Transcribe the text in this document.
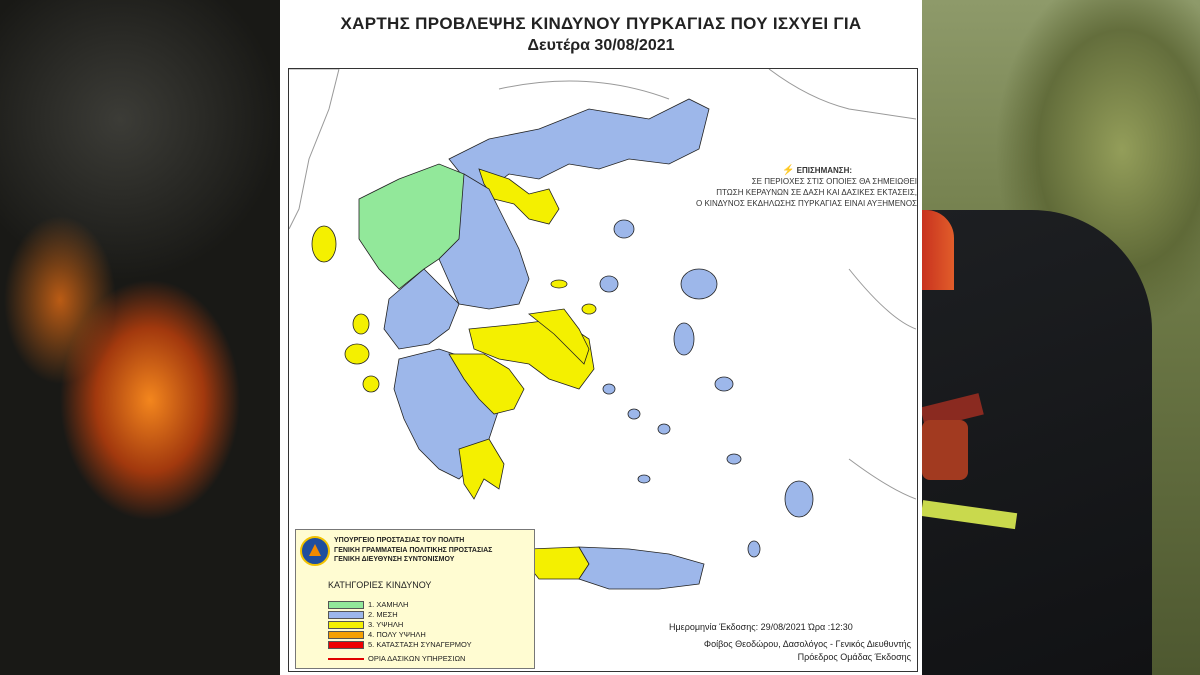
ΧΑΡΤΗΣ ΠΡΟΒΛΕΨΗΣ ΚΙΝΔΥΝΟΥ ΠΥΡΚΑΓΙΑΣ ΠΟΥ ΙΣΧΥΕΙ ΓΙΑ
Δευτέρα 30/08/2021
⚡ ΕΠΙΣΗΜΑΝΣΗ:
ΣΕ ΠΕΡΙΟΧΕΣ ΣΤΙΣ ΟΠΟΙΕΣ ΘΑ ΣΗΜΕΙΩΘΕΙ
ΠΤΩΣΗ ΚΕΡΑΥΝΩΝ ΣΕ ΔΑΣΗ ΚΑΙ ΔΑΣΙΚΕΣ ΕΚΤΑΣΕΙΣ,
Ο ΚΙΝΔΥΝΟΣ ΕΚΔΗΛΩΣΗΣ ΠΥΡΚΑΓΙΑΣ ΕΙΝΑΙ ΑΥΞΗΜΕΝΟΣ
ΥΠΟΥΡΓΕΙΟ ΠΡΟΣΤΑΣΙΑΣ ΤΟΥ ΠΟΛΙΤΗ
ΓΕΝΙΚΗ ΓΡΑΜΜΑΤΕΙΑ ΠΟΛΙΤΙΚΗΣ ΠΡΟΣΤΑΣΙΑΣ
ΓΕΝΙΚΗ ΔΙΕΥΘΥΝΣΗ ΣΥΝΤΟΝΙΣΜΟΥ
ΚΑΤΗΓΟΡΙΕΣ ΚΙΝΔΥΝΟΥ
1. ΧΑΜΗΛΗ
2. ΜΕΣΗ
3. ΥΨΗΛΗ
4. ΠΟΛΥ ΥΨΗΛΗ
5. ΚΑΤΑΣΤΑΣΗ ΣΥΝΑΓΕΡΜΟΥ
ΟΡΙΑ ΔΑΣΙΚΩΝ ΥΠΗΡΕΣΙΩΝ
Ημερομηνία Έκδοσης: 29/08/2021 Ώρα :12:30
Φοίβος Θεοδώρου, Δασολόγος - Γενικός Διευθυντής
Πρόεδρος Ομάδας Έκδοσης
